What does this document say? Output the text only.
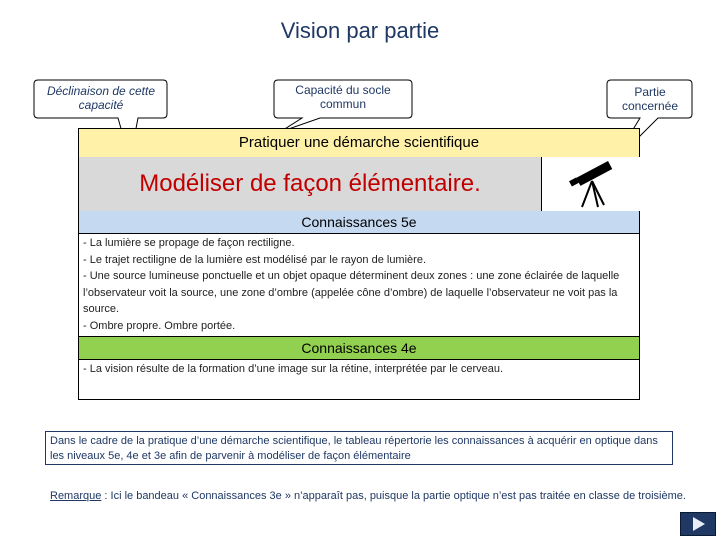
Vision par partie
Déclinaison de cette capacité
Capacité du socle commun
Partie concernée
Pratiquer une démarche scientifique
Modéliser de façon élémentaire.
Connaissances 5e
- La lumière se propage de façon rectiligne.
- Le trajet rectiligne de la lumière est modélisé par le rayon de lumière.
- Une source lumineuse ponctuelle et un objet opaque déterminent deux zones : une zone éclairée de laquelle l’observateur voit la source, une zone d’ombre (appelée cône d’ombre) de laquelle l’observateur ne voit pas la source.
- Ombre propre. Ombre portée.
Connaissances 4e
- La vision résulte de la formation d’une image sur la rétine, interprétée par le cerveau.
Dans le cadre de la pratique d’une démarche scientifique, le tableau répertorie les connaissances à acquérir en optique dans les niveaux 5e, 4e et 3e afin de parvenir à modéliser de façon élémentaire
Remarque : Ici le bandeau « Connaissances 3e » n’apparaît pas, puisque la partie optique n’est pas traitée en classe de troisième.
